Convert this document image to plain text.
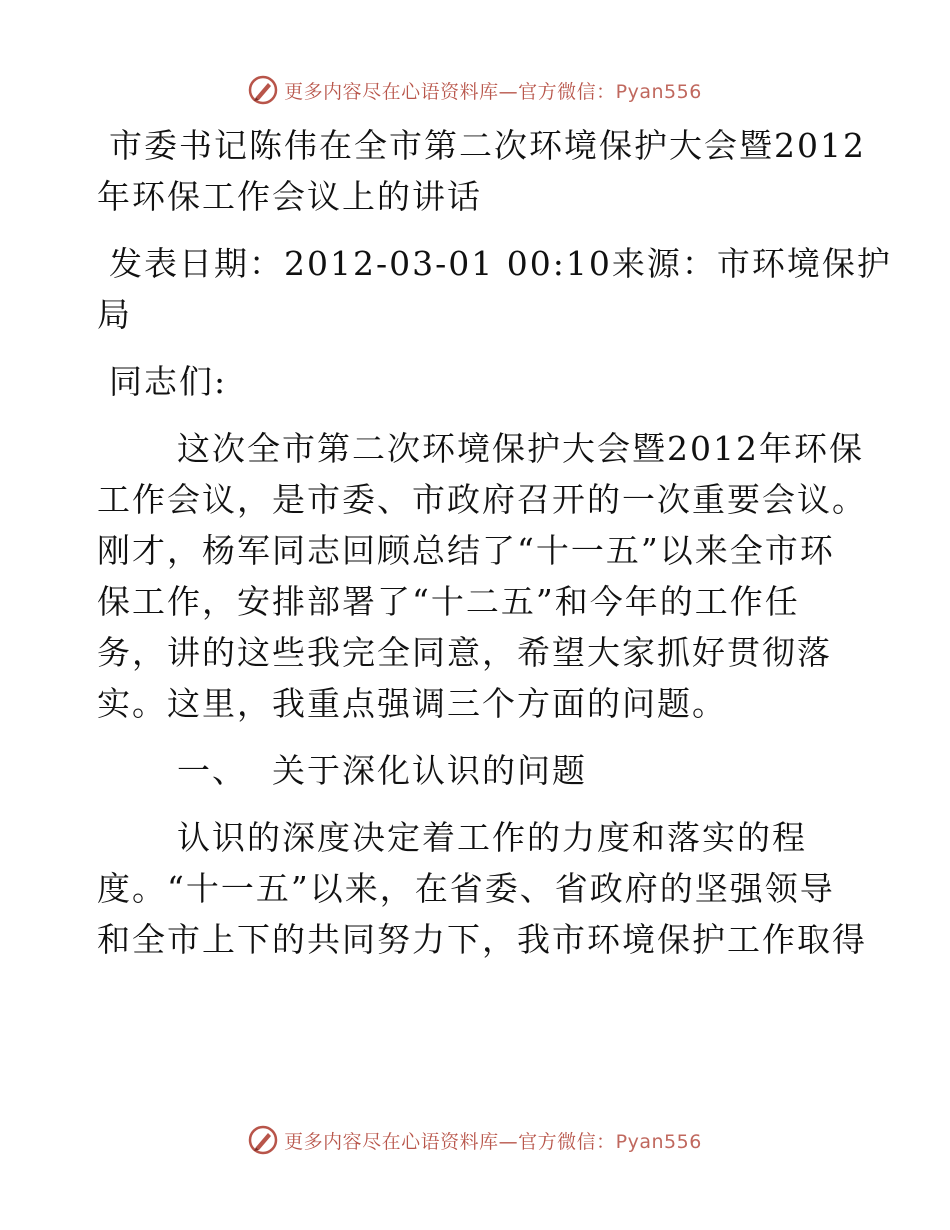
更多内容尽在心语资料库—官方微信：Pyan556

市委书记陈伟在全市第二次环境保护大会暨2012

年环保工作会议上的讲话

发表日期：2012-03-01 00:10来源：市环境保护

局

同志们:

这次全市第二次环境保护大会暨2012年环保

工作会议，是市委、市政府召开的一次重要会议。

刚才，杨军同志回顾总结了“十一五”以来全市环

保工作，安排部署了“十二五”和今年的工作任

务，讲的这些我完全同意，希望大家抓好贯彻落

实。这里，我重点强调三个方面的问题。

一、  关于深化认识的问题

认识的深度决定着工作的力度和落实的程

度。“十一五”以来，在省委、省政府的坚强领导

和全市上下的共同努力下，我市环境保护工作取得

更多内容尽在心语资料库—官方微信：Pyan556
